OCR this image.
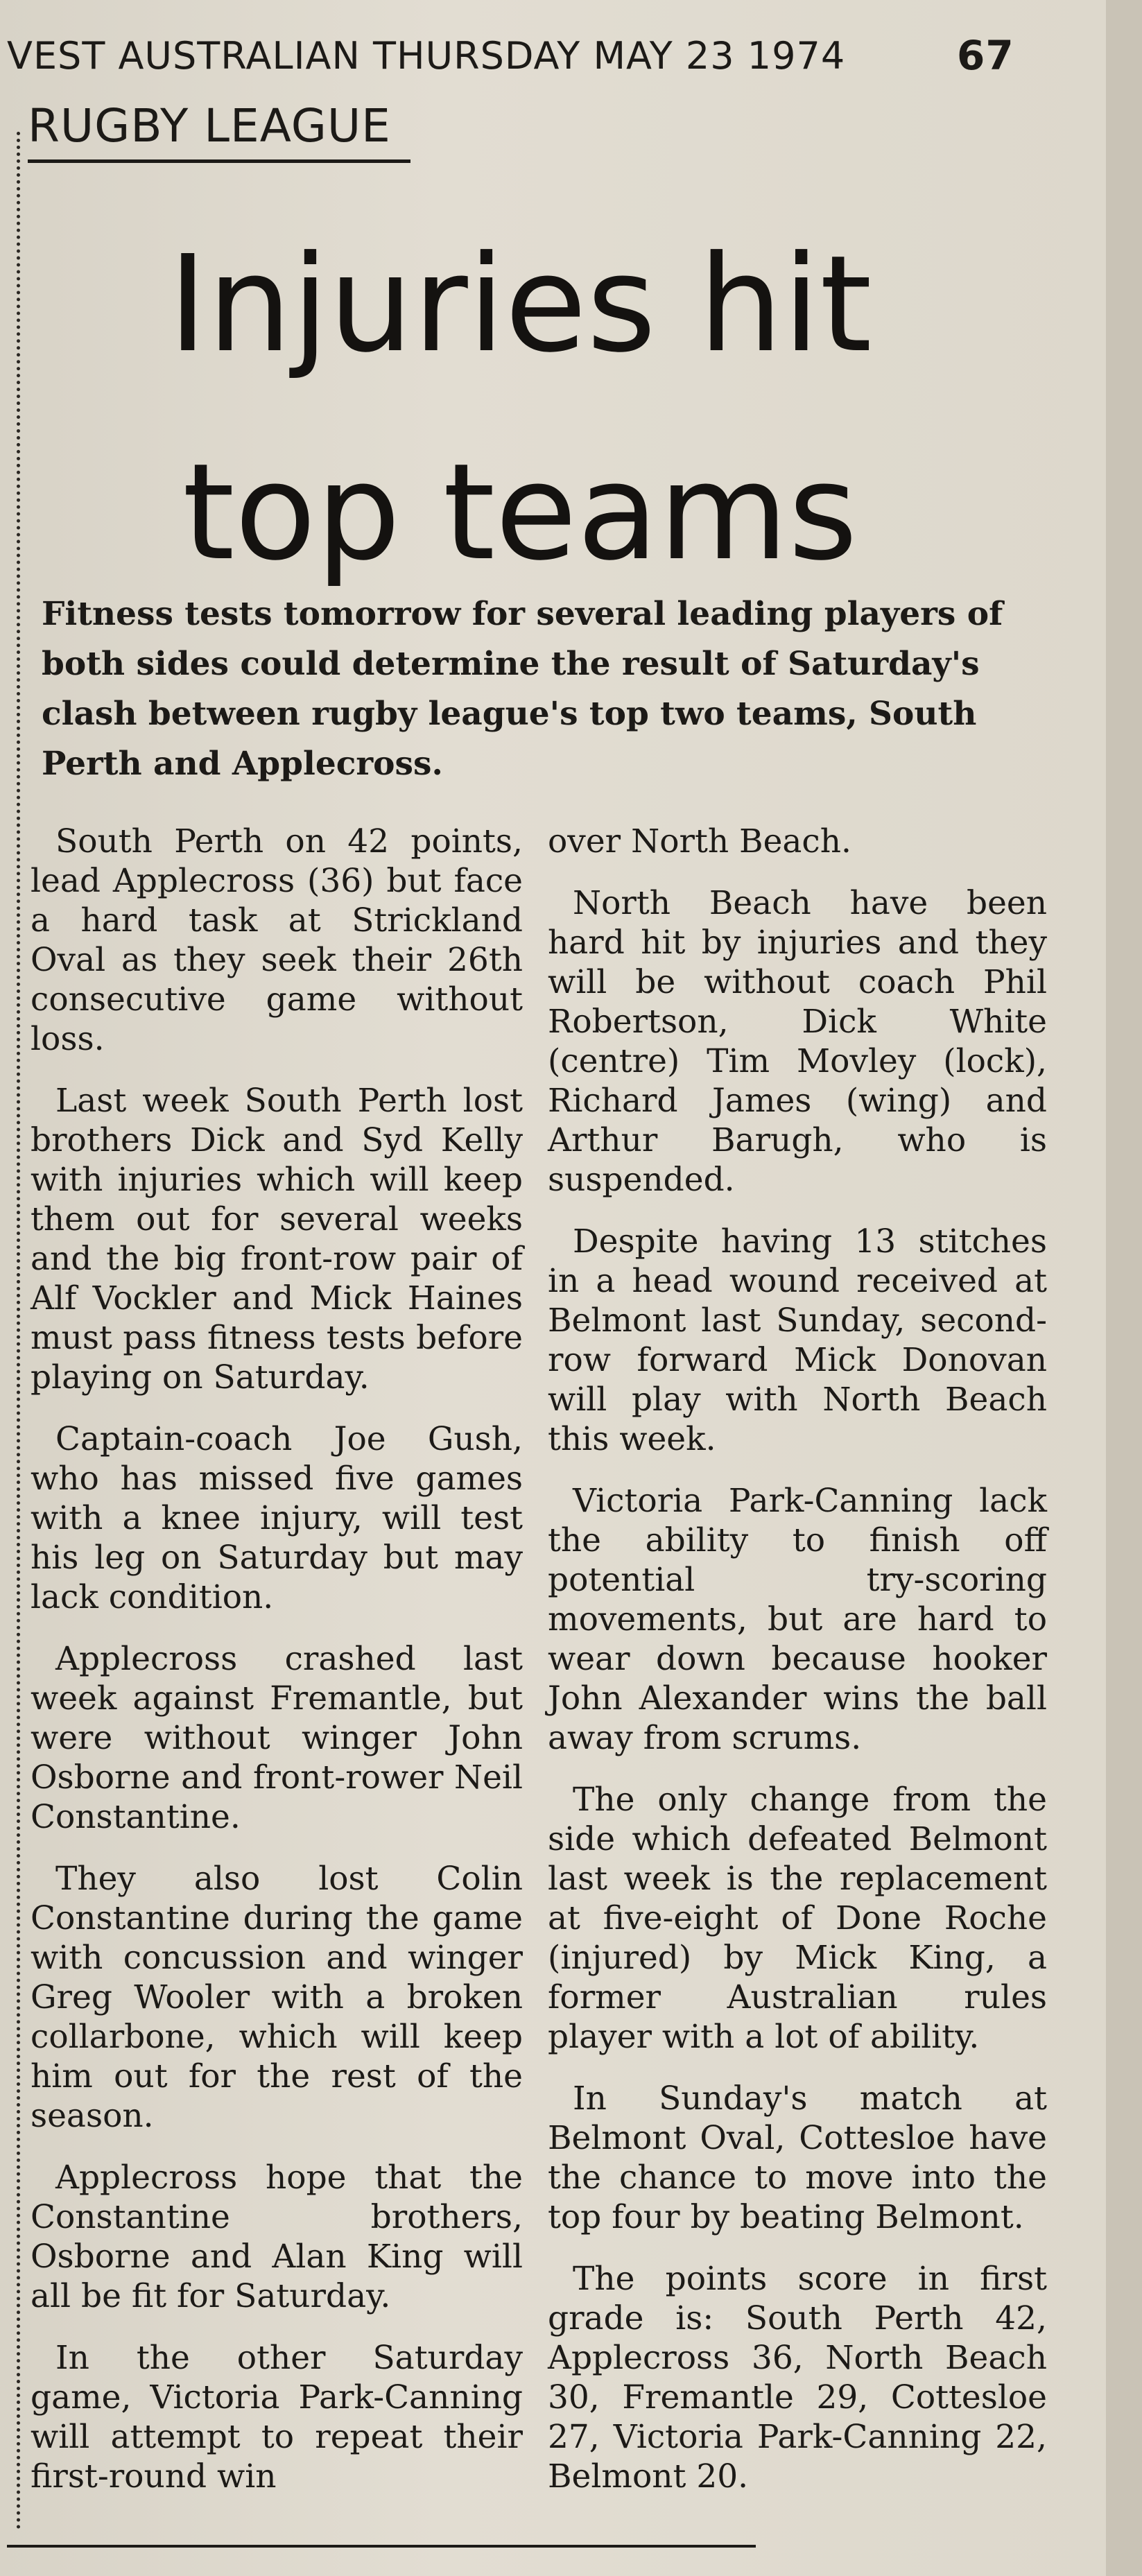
VEST AUSTRALIAN THURSDAY MAY 23 1974	67
RUGBY LEAGUE
Injuries hit
top teams
Fitness tests tomorrow for several leading players of both sides could determine the result of Saturday's clash between rugby league's top two teams, South Perth and Applecross.

South Perth on 42 points, lead Applecross (36) but face a hard task at Strickland Oval as they seek their 26th consecutive game without loss.

Last week South Perth lost brothers Dick and Syd Kelly with injuries which will keep them out for several weeks and the big front-row pair of Alf Vockler and Mick Haines must pass fitness tests before playing on Saturday.

Captain-coach Joe Gush, who has missed five games with a knee injury, will test his leg on Saturday but may lack condition.

Applecross crashed last week against Fremantle, but were without winger John Osborne and front-rower Neil Constantine.

They also lost Colin Constantine during the game with concussion and winger Greg Wooler with a broken collarbone, which will keep him out for the rest of the season.

Applecross hope that the Constantine brothers, Osborne and Alan King will all be fit for Saturday.

In the other Saturday game, Victoria Park-Canning will attempt to repeat their first-round win

over North Beach.

North Beach have been hard hit by injuries and they will be without coach Phil Robertson, Dick White (centre) Tim Movley (lock), Richard James (wing) and Arthur Barugh, who is suspended.

Despite having 13 stitches in a head wound received at Belmont last Sunday, second-row forward Mick Donovan will play with North Beach this week.

Victoria Park-Canning lack the ability to finish off potential try-scoring movements, but are hard to wear down because hooker John Alexander wins the ball away from scrums.

The only change from the side which defeated Belmont last week is the replacement at five-eight of Done Roche (injured) by Mick King, a former Australian rules player with a lot of ability.

In Sunday's match at Belmont Oval, Cottesloe have the chance to move into the top four by beating Belmont.

The points score in first grade is: South Perth 42, Applecross 36, North Beach 30, Fremantle 29, Cottesloe 27, Victoria Park-Canning 22, Belmont 20.
